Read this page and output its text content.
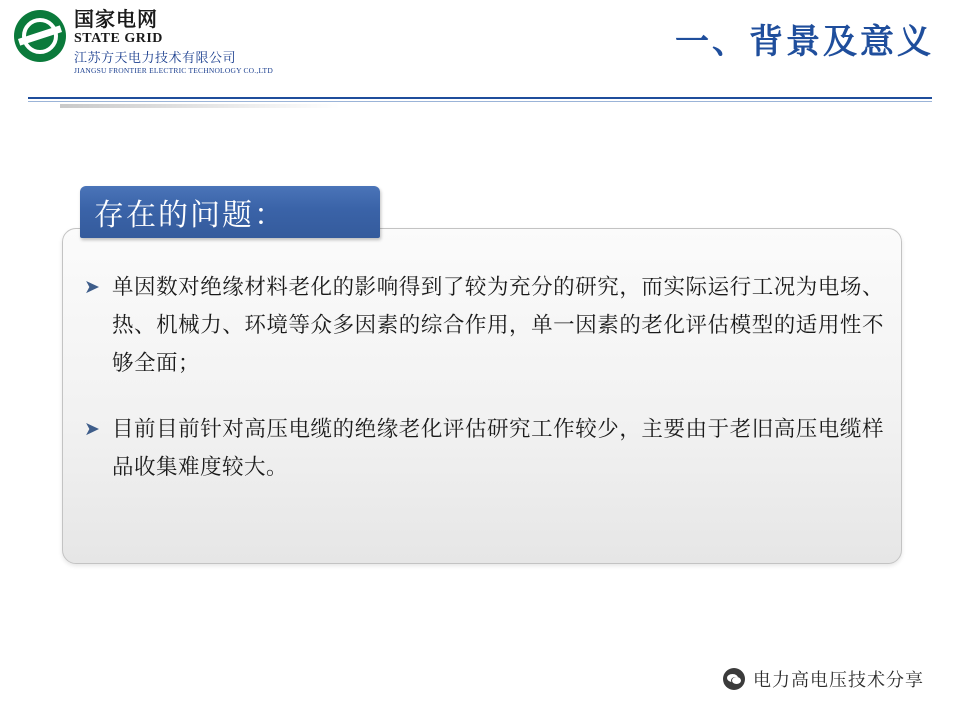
国家电网
STATE GRID
江苏方天电力技术有限公司
JIANGSU FRONTIER ELECTRIC TECHNOLOGY CO.,LTD
一、背景及意义
存在的问题：
➤ 单因数对绝缘材料老化的影响得到了较为充分的研究，而实际运行工况为电场、热、机械力、环境等众多因素的综合作用，单一因素的老化评估模型的适用性不够全面；
➤ 目前目前针对高压电缆的绝缘老化评估研究工作较少，主要由于老旧高压电缆样品收集难度较大。
电力高电压技术分享
